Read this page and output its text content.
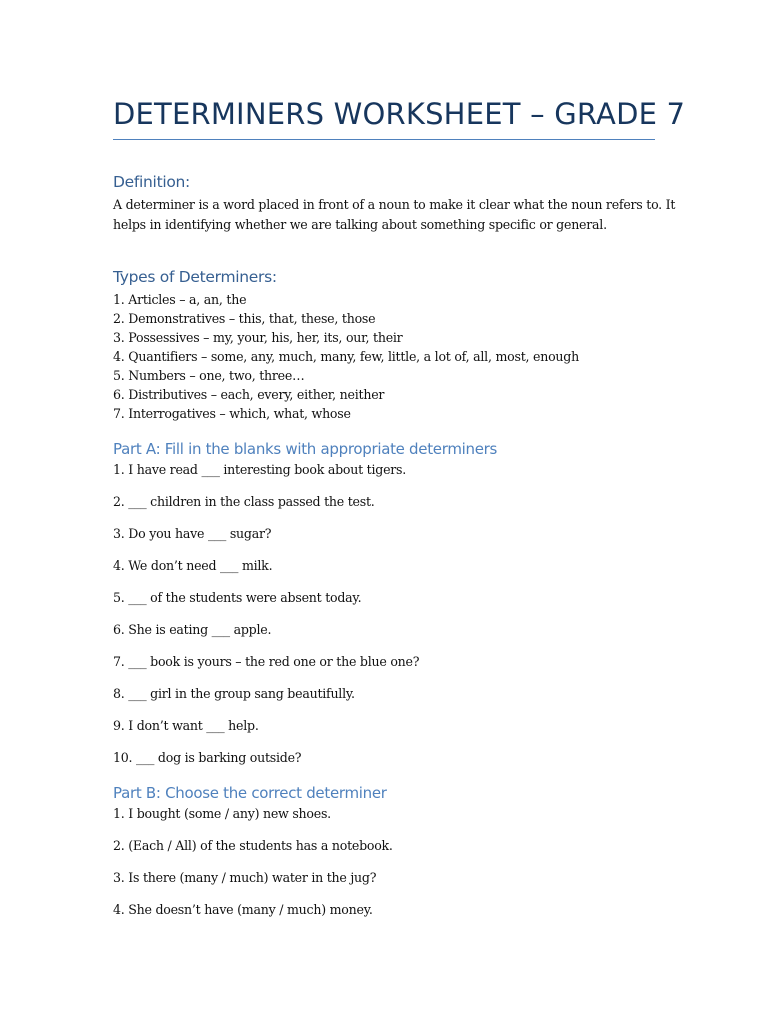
DETERMINERS WORKSHEET – GRADE 7
Definition:
A determiner is a word placed in front of a noun to make it clear what the noun refers to. It
helps in identifying whether we are talking about something specific or general.
Types of Determiners:
1. Articles – a, an, the
2. Demonstratives – this, that, these, those
3. Possessives – my, your, his, her, its, our, their
4. Quantifiers – some, any, much, many, few, little, a lot of, all, most, enough
5. Numbers – one, two, three…
6. Distributives – each, every, either, neither
7. Interrogatives – which, what, whose
Part A: Fill in the blanks with appropriate determiners
1. I have read ___ interesting book about tigers.
2. ___ children in the class passed the test.
3. Do you have ___ sugar?
4. We don’t need ___ milk.
5. ___ of the students were absent today.
6. She is eating ___ apple.
7. ___ book is yours – the red one or the blue one?
8. ___ girl in the group sang beautifully.
9. I don’t want ___ help.
10. ___ dog is barking outside?
Part B: Choose the correct determiner
1. I bought (some / any) new shoes.
2. (Each / All) of the students has a notebook.
3. Is there (many / much) water in the jug?
4. She doesn’t have (many / much) money.
